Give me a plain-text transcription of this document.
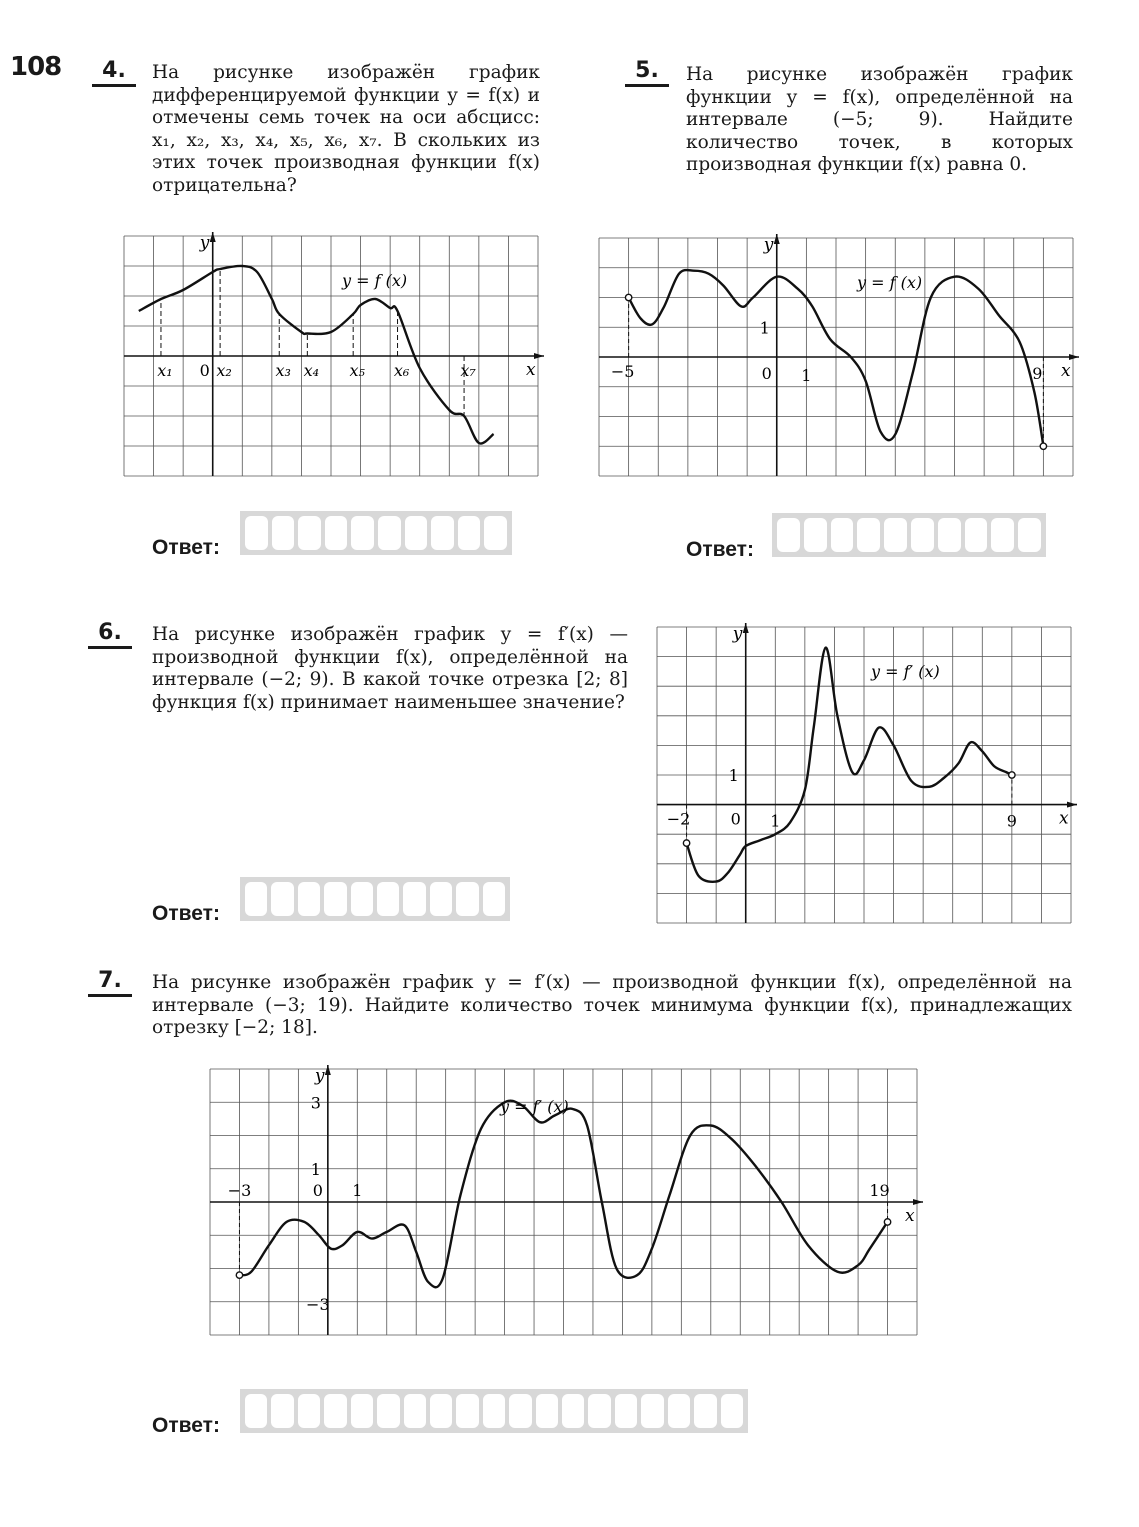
108	4.	На рисунке изображён график дифференцируемой функции y = f(x) и отмечены семь точек на оси абсцисс: x₁, x₂, x₃, x₄, x₅, x₆, x₇. В скольких из этих точек производная функции f(x) отрицательна?

5.	На рисунке изображён график функции y = f(x), определённой на интервале (−5; 9). Найдите количество точек, в которых производная функции f(x) равна 0.

x
y
0
x₁	x₂	x₃ x₄ x₅ x₆	x₇
y = f (x)
x
y
−5	0 1
1
9
y = f (x)
Ответ:	Ответ:
6.	На рисунке изображён график y = f′(x) — производной функции f(x), определённой на интервале (−2; 9). В какой точке отрезка [2; 8] функция f(x) принимает наименьшее значение?

x
y
−2	0 1
1
9
y = f′ (x)
Ответ:
7.	На рисунке изображён график y = f′(x) — производной функции f(x), определённой на интервале (−3; 19). Найдите количество точек минимума функции f(x), принадлежащих отрезку [−2; 18].

x
y
−3	0 1	19
3
1
−3
y = f′ (x)
Ответ:
